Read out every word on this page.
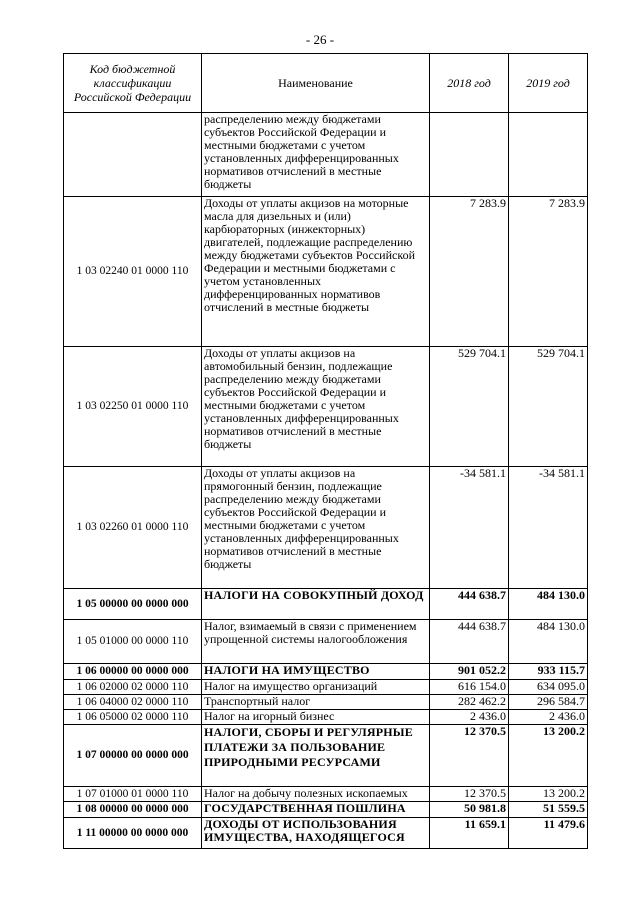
- 26 -
Код бюджетной классификации Российской Федерации	Наименование	2018 год	2019 год
	распределению между бюджетами субъектов Российской Федерации и местными бюджетами с учетом установленных дифференцированных нормативов отчислений в местные бюджеты		
1 03 02240 01 0000 110	Доходы от уплаты акцизов на моторные масла для дизельных и (или) карбюраторных (инжекторных) двигателей, подлежащие распределению между бюджетами субъектов Российской Федерации и местными бюджетами с учетом установленных дифференцированных нормативов отчислений в местные бюджеты	7 283.9	7 283.9
1 03 02250 01 0000 110	Доходы от уплаты акцизов на автомобильный бензин, подлежащие распределению между бюджетами субъектов Российской Федерации и местными бюджетами с учетом установленных дифференцированных нормативов отчислений в местные бюджеты	529 704.1	529 704.1
1 03 02260 01 0000 110	Доходы от уплаты акцизов на прямогонный бензин, подлежащие распределению между бюджетами субъектов Российской Федерации и местными бюджетами с учетом установленных дифференцированных нормативов отчислений в местные бюджеты	-34 581.1	-34 581.1
1 05 00000 00 0000 000	НАЛОГИ НА СОВОКУПНЫЙ ДОХОД	444 638.7	484 130.0
1 05 01000 00 0000 110	Налог, взимаемый в связи с применением упрощенной системы налогообложения	444 638.7	484 130.0
1 06 00000 00 0000 000	НАЛОГИ НА ИМУЩЕСТВО	901 052.2	933 115.7
1 06 02000 02 0000 110	Налог на имущество организаций	616 154.0	634 095.0
1 06 04000 02 0000 110	Транспортный налог	282 462.2	296 584.7
1 06 05000 02 0000 110	Налог на игорный бизнес	2 436.0	2 436.0
1 07 00000 00 0000 000	НАЛОГИ, СБОРЫ И РЕГУЛЯРНЫЕ ПЛАТЕЖИ ЗА ПОЛЬЗОВАНИЕ ПРИРОДНЫМИ РЕСУРСАМИ	12 370.5	13 200.2
1 07 01000 01 0000 110	Налог на добычу полезных ископаемых	12 370.5	13 200.2
1 08 00000 00 0000 000	ГОСУДАРСТВЕННАЯ ПОШЛИНА	50 981.8	51 559.5
1 11 00000 00 0000 000	ДОХОДЫ ОТ ИСПОЛЬЗОВАНИЯ ИМУЩЕСТВА, НАХОДЯЩЕГОСЯ	11 659.1	11 479.6
